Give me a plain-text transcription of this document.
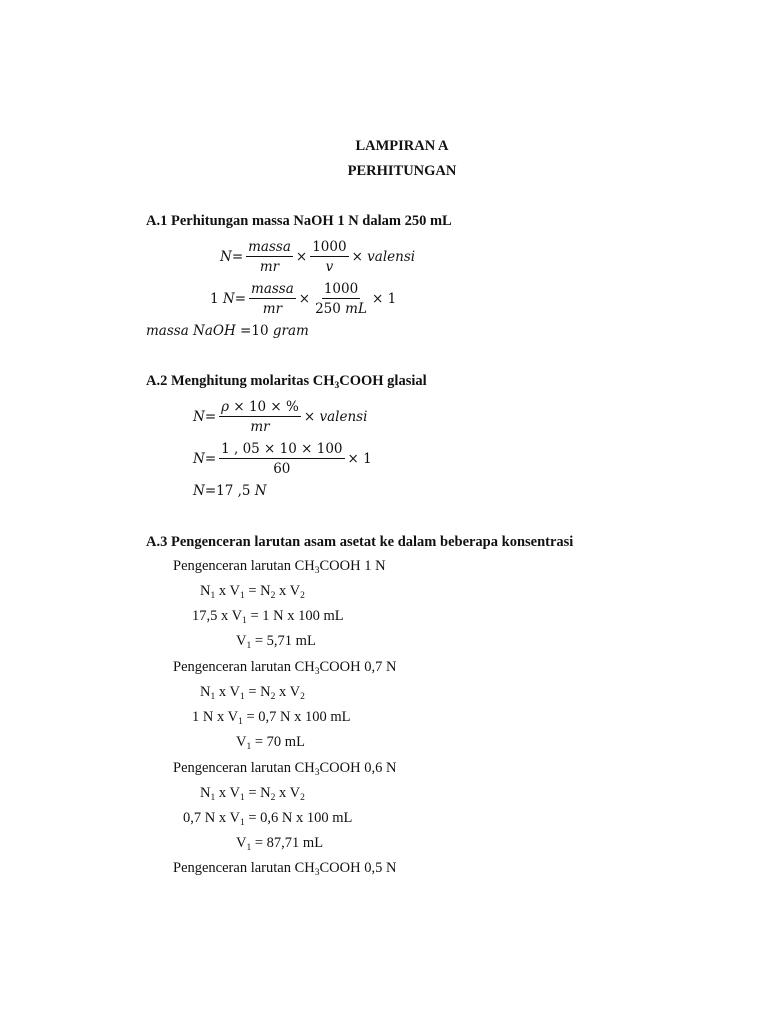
LAMPIRAN A
PERHITUNGAN
A.1 Perhitungan massa NaOH 1 N dalam 250 mL
$N = \frac{\text{massa}}{mr} \times \frac{1000}{v}$ ×
valensi
1
$N = \frac{\text{massa}}{mr} \times \frac{1000}{250 mL}$ ×
1
massa NaOH =10 gram
A.2 Menghitung molaritas $CH_3COOH$ glasial
$N = \frac{\rho \times 10 \times \%}{mr}$ ×
valensi
$N = \frac{1 , 05 \times 10 \times 100}{60}$ ×
1
N=17 ,5 N
A.3 Pengenceran larutan asam asetat ke dalam beberapa konsentrasi
Pengenceran larutan $CH_3COOH$ 1 N
$N_1$ x $V_1 = N_2$ x $V_2$
17,5 x $V_1 = 1$ N x 100 mL
$V_1 = 5,71$ mL
Pengenceran larutan $CH_3COOH$ 0,7 N
$N_1$ x $V_1 = N_2$ x $V_2$
1 N x $V_1 = 0,7$ N x 100 mL
$V_1 = 70$ mL
Pengenceran larutan $CH_3COOH$ 0,6 N
$N_1$ x $V_1 = N_2$ x $V_2$
0,7 N x $V_1 = 0,6$ N x 100 mL
$V_1 = 87,71$ mL
Pengenceran larutan $CH_3COOH$ 0,5 N
